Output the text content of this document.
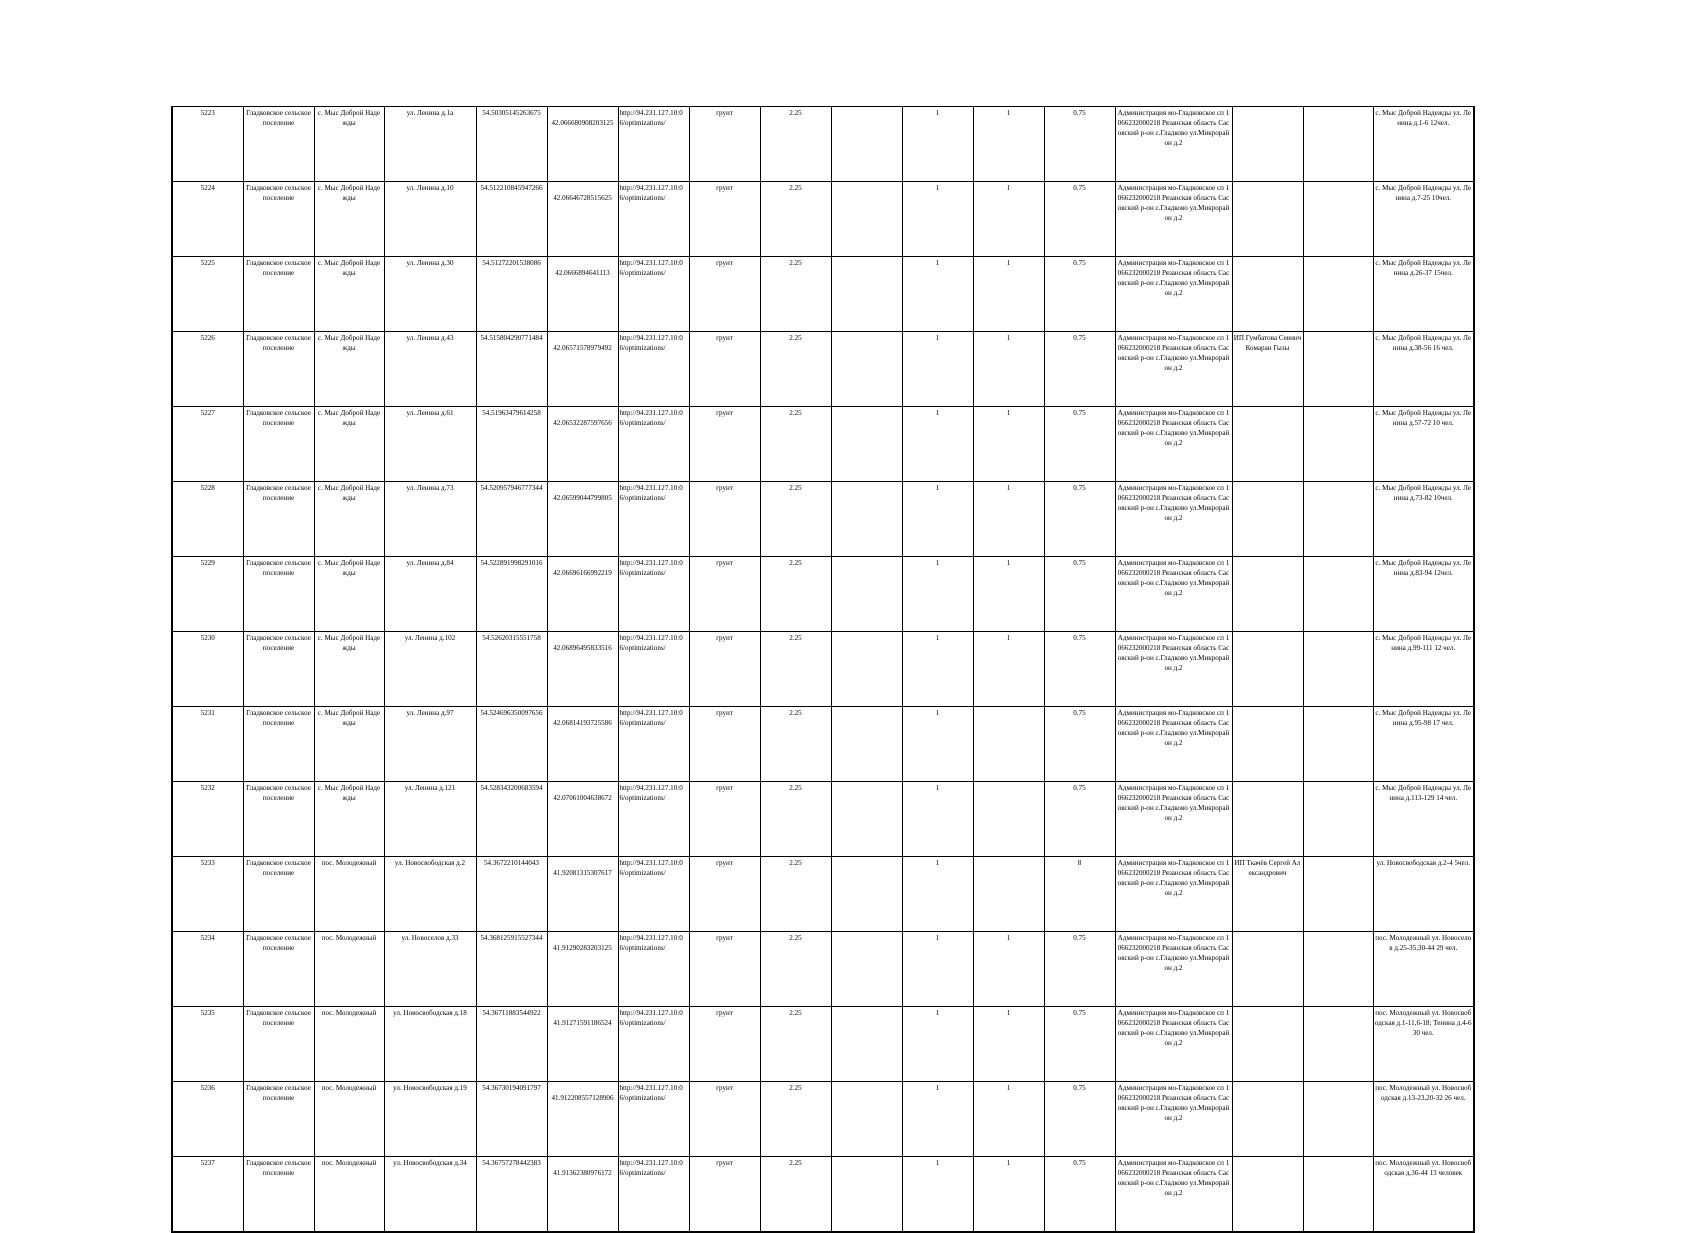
5223	Гладковское сельское поселение	с. Мыс Доброй Надежды	ул. Ленина д.1а	54.50305145263675	42.066680908203125	http://94.231.127.10:06/optimizations/	грунт	2.25		1	1	0.75	Администрация мо-Гладковское сп 1066232000218 Рязанская область Сасовский р-он с.Гладково ул.Микрорайон д.2			с. Мыс Доброй Надежды ул. Ленина д.1-6 12чел.
5224	Гладковское сельское поселение	с. Мыс Доброй Надежды	ул. Ленина д.10	54.512210845947266	42.06646728515625	http://94.231.127.10:06/optimizations/	грунт	2.25		1	1	0.75	Администрация мо-Гладковское сп 1066232000218 Рязанская область Сасовский р-он с.Гладково ул.Микрорайон д.2			с. Мыс Доброй Надежды ул. Ленина д.7-25 10чел.
5225	Гладковское сельское поселение	с. Мыс Доброй Надежды	ул. Ленина д.30	54.51272201538086	42.0666894641113	http://94.231.127.10:06/optimizations/	грунт	2.25		1	1	0.75	Администрация мо-Гладковское сп 1066232000218 Рязанская область Сасовский р-он с.Гладково ул.Микрорайон д.2			с. Мыс Доброй Надежды ул. Ленина д.26-37 15чел.
5226	Гладковское сельское поселение	с. Мыс Доброй Надежды	ул. Ленина д.43	54.515804290771484	42.06571578979492	http://94.231.127.10:06/optimizations/	грунт	2.25		1	1	0.75	Администрация мо-Гладковское сп 1066232000218 Рязанская область Сасовский р-он с.Гладково ул.Микрорайон д.2	ИП Гумбатова Севинч Комаран Гызы		с. Мыс Доброй Надежды ул. Ленина д.38-56 16 чел.
5227	Гладковское сельское поселение	с. Мыс Доброй Надежды	ул. Ленина д.61	54.51963479614258	42.06532287597656	http://94.231.127.10:06/optimizations/	грунт	2.25		1	1	0.75	Администрация мо-Гладковское сп 1066232000218 Рязанская область Сасовский р-он с.Гладково ул.Микрорайон д.2			с. Мыс Доброй Надежды ул. Ленина д.57-72 10 чел.
5228	Гладковское сельское поселение	с. Мыс Доброй Надежды	ул. Ленина д.73	54.520957946777344	42.06599044799805	http://94.231.127.10:06/optimizations/	грунт	2.25		1	1	0.75	Администрация мо-Гладковское сп 1066232000218 Рязанская область Сасовский р-он с.Гладково ул.Микрорайон д.2			с. Мыс Доброй Надежды ул. Ленина д.73-82 10чел.
5229	Гладковское сельское поселение	с. Мыс Доброй Надежды	ул. Ленина д.84	54.522891998291016	42.06696166992219	http://94.231.127.10:06/optimizations/	грунт	2.25		1	1	0.75	Администрация мо-Гладковское сп 1066232000218 Рязанская область Сасовский р-он с.Гладково ул.Микрорайон д.2			с. Мыс Доброй Надежды ул. Ленина д.83-94 12чел.
5230	Гладковское сельское поселение	с. Мыс Доброй Надежды	ул. Ленина д.102	54.52620315551758	42.06896495833516	http://94.231.127.10:06/optimizations/	грунт	2.25		1	1	0.75	Администрация мо-Гладковское сп 1066232000218 Рязанская область Сасовский р-он с.Гладково ул.Микрорайон д.2			с. Мыс Доброй Надежды ул. Ленина д.99-111 12 чел.
5231	Гладковское сельское поселение	с. Мыс Доброй Надежды	ул. Ленина д.97	54.524696350097656	42.06814193725586	http://94.231.127.10:06/optimizations/	грунт	2.25		1		0.75	Администрация мо-Гладковское сп 1066232000218 Рязанская область Сасовский р-он с.Гладково ул.Микрорайон д.2			с. Мыс Доброй Надежды ул. Ленина д.95-98 17 чел.
5232	Гладковское сельское поселение	с. Мыс Доброй Надежды	ул. Ленина д.121	54.528343200683594	42.07061004638672	http://94.231.127.10:06/optimizations/	грунт	2.25		1		0.75	Администрация мо-Гладковское сп 1066232000218 Рязанская область Сасовский р-он с.Гладково ул.Микрорайон д.2			с. Мыс Доброй Надежды ул. Ленина д.113-129 14 чел.
5233	Гладковское сельское поселение	пос. Молодежный	ул. Новосвободская д.2	54.3672210144043	41.92081315307617	http://94.231.127.10:06/optimizations/	грунт	2.25		1		8	Администрация мо-Гладковское сп 1066232000218 Рязанская область Сасовский р-он с.Гладково ул.Микрорайон д.2	ИП Ткачёв Сергей Александрович		ул. Новосвободская д.2-4 5чел.
5234	Гладковское сельское поселение	пос. Молодежный	ул. Новоселов д.33	54.368125915527344	41.91290283203125	http://94.231.127.10:06/optimizations/	грунт	2.25		1	1	0.75	Администрация мо-Гладковское сп 1066232000218 Рязанская область Сасовский р-он с.Гладково ул.Микрорайон д.2			пос. Молодежный ул. Новоселов д.25-35,30-44 29 чел.
5235	Гладковское сельское поселение	пос. Молодежный	ул. Новосвободская д.18	54.36711883544922	41.91271591186524	http://94.231.127.10:06/optimizations/	грунт	2.25		1	1	0.75	Администрация мо-Гладковское сп 1066232000218 Рязанская область Сасовский р-он с.Гладково ул.Микрорайон д.2			пос. Молодежный ул. Новосвободская д.1-11,6-18; Тенина д.4-6 30 чел.
5236	Гладковское сельское поселение	пос. Молодежный	ул. Новосвободская д.19	54.36730194091797	41.912208557128906	http://94.231.127.10:06/optimizations/	грунт	2.25		1	1	0.75	Администрация мо-Гладковское сп 1066232000218 Рязанская область Сасовский р-он с.Гладково ул.Микрорайон д.2			пос. Молодежный ул. Новосвободская д.13-23,20-32 26 чел.
5237	Гладковское сельское поселение	пос. Молодежный	ул. Новосвободская д.34	54.36757278442383	41.91362380976172	http://94.231.127.10:06/optimizations/	грунт	2.25		1	1	0.75	Администрация мо-Гладковское сп 1066232000218 Рязанская область Сасовский р-он с.Гладково ул.Микрорайон д.2			пос. Молодежный ул. Новосвободская д.36-44 13 человек
